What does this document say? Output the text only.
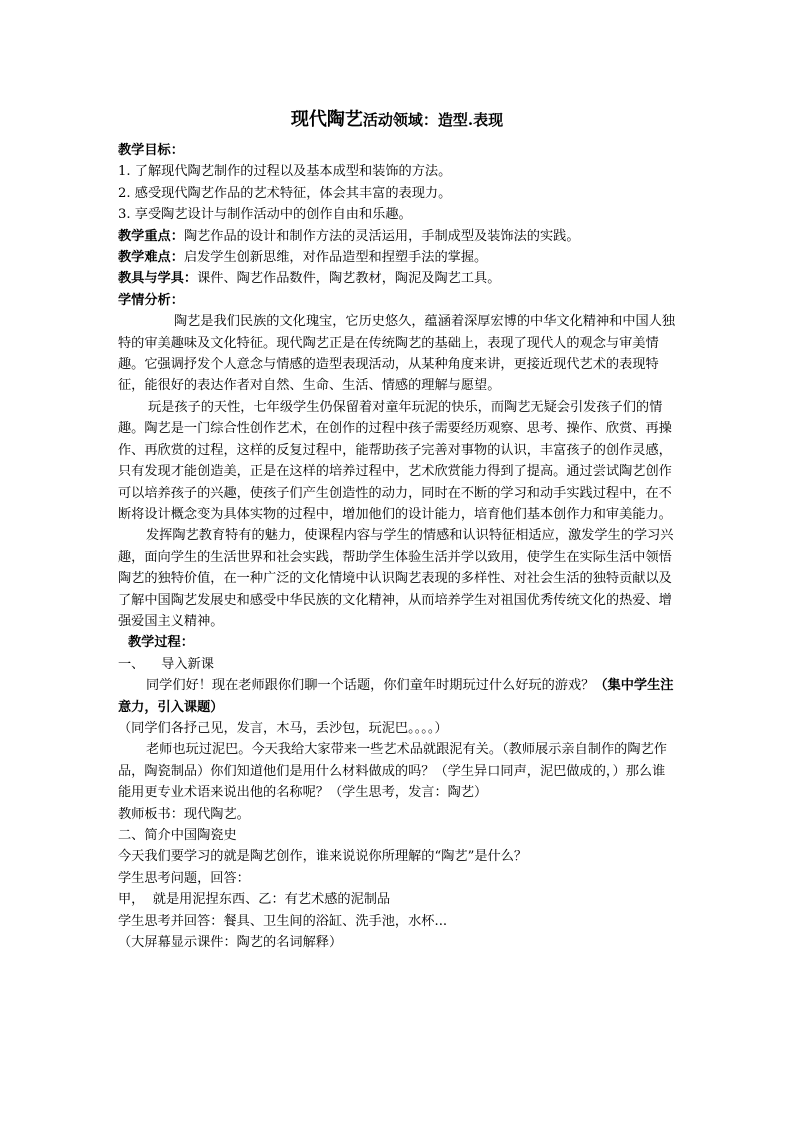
现代陶艺活动领域：造型.表现

教学目标：

1. 了解现代陶艺制作的过程以及基本成型和装饰的方法。

2. 感受现代陶艺作品的艺术特征，体会其丰富的表现力。

3. 享受陶艺设计与制作活动中的创作自由和乐趣。

教学重点：陶艺作品的设计和制作方法的灵活运用，手制成型及装饰法的实践。

教学难点：启发学生创新思维，对作品造型和捏塑手法的掌握。

教具与学具：课件、陶艺作品数件，陶艺教材，陶泥及陶艺工具。

学情分析：

陶艺是我们民族的文化瑰宝，它历史悠久，蕴涵着深厚宏博的中华文化精神和中国人独特的审美趣味及文化特征。现代陶艺正是在传统陶艺的基础上，表现了现代人的观念与审美情趣。它强调抒发个人意念与情感的造型表现活动，从某种角度来讲，更接近现代艺术的表现特征，能很好的表达作者对自然、生命、生活、情感的理解与愿望。

玩是孩子的天性，七年级学生仍保留着对童年玩泥的快乐，而陶艺无疑会引发孩子们的情趣。陶艺是一门综合性创作艺术，在创作的过程中孩子需要经历观察、思考、操作、欣赏、再操作、再欣赏的过程，这样的反复过程中，能帮助孩子完善对事物的认识，丰富孩子的创作灵感，只有发现才能创造美，正是在这样的培养过程中，艺术欣赏能力得到了提高。通过尝试陶艺创作可以培养孩子的兴趣，使孩子们产生创造性的动力，同时在不断的学习和动手实践过程中，在不断将设计概念变为具体实物的过程中，增加他们的设计能力，培育他们基本创作力和审美能力。

发挥陶艺教育特有的魅力，使课程内容与学生的情感和认识特征相适应，激发学生的学习兴趣，面向学生的生活世界和社会实践，帮助学生体验生活并学以致用，使学生在实际生活中领悟陶艺的独特价值，在一种广泛的文化情境中认识陶艺表现的多样性、对社会生活的独特贡献以及了解中国陶艺发展史和感受中华民族的文化精神，从而培养学生对祖国优秀传统文化的热爱、增强爱国主义精神。

教学过程：

一、    导入新课

同学们好！现在老师跟你们聊一个话题，你们童年时期玩过什么好玩的游戏？（集中学生注意力，引入课题）

（同学们各抒己见，发言，木马，丢沙包，玩泥巴。。。。）

老师也玩过泥巴。今天我给大家带来一些艺术品就跟泥有关。（教师展示亲自制作的陶艺作品，陶瓷制品）你们知道他们是用什么材料做成的吗？（学生异口同声，泥巴做成的，）那么谁能用更专业术语来说出他的名称呢？（学生思考，发言：陶艺）

教师板书：现代陶艺。

二、简介中国陶瓷史

今天我们要学习的就是陶艺创作，谁来说说你所理解的“陶艺”是什么？

学生思考问题，回答：

甲，  就是用泥捏东西、乙：有艺术感的泥制品

学生思考并回答：餐具、卫生间的浴缸、洗手池，水杯...

（大屏幕显示课件：陶艺的名词解释）
